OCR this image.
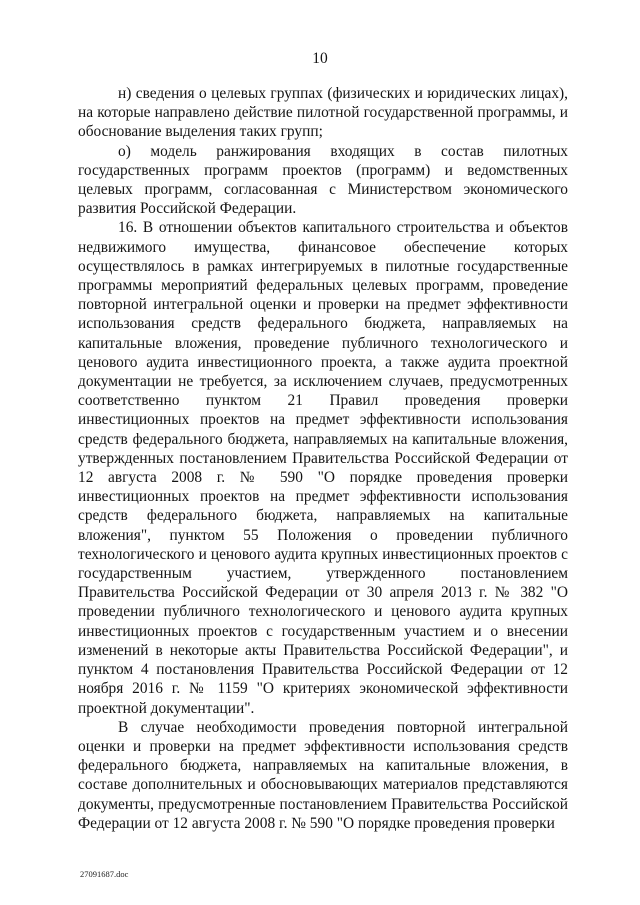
10

н) сведения о целевых группах (физических и юридических лицах), на которые направлено действие пилотной государственной программы, и обоснование выделения таких групп;

о) модель ранжирования входящих в состав пилотных государственных программ проектов (программ) и ведомственных целевых программ, согласованная с Министерством экономического развития Российской Федерации.

16. В отношении объектов капитального строительства и объектов недвижимого имущества, финансовое обеспечение которых осуществлялось в рамках интегрируемых в пилотные государственные программы мероприятий федеральных целевых программ, проведение повторной интегральной оценки и проверки на предмет эффективности использования средств федерального бюджета, направляемых на капитальные вложения, проведение публичного технологического и ценового аудита инвестиционного проекта, а также аудита проектной документации не требуется, за исключением случаев, предусмотренных соответственно пунктом 21 Правил проведения проверки инвестиционных проектов на предмет эффективности использования средств федерального бюджета, направляемых на капитальные вложения, утвержденных постановлением Правительства Российской Федерации от 12 августа 2008 г. № 590 "О порядке проведения проверки инвестиционных проектов на предмет эффективности использования средств федерального бюджета, направляемых на капитальные вложения", пунктом 55 Положения о проведении публичного технологического и ценового аудита крупных инвестиционных проектов с государственным участием, утвержденного постановлением Правительства Российской Федерации от 30 апреля 2013 г. № 382 "О проведении публичного технологического и ценового аудита крупных инвестиционных проектов с государственным участием и о внесении изменений в некоторые акты Правительства Российской Федерации", и пунктом 4 постановления Правительства Российской Федерации от 12 ноября 2016 г. № 1159 "О критериях экономической эффективности проектной документации".

В случае необходимости проведения повторной интегральной оценки и проверки на предмет эффективности использования средств федерального бюджета, направляемых на капитальные вложения, в составе дополнительных и обосновывающих материалов представляются документы, предусмотренные постановлением Правительства Российской Федерации от 12 августа 2008 г. № 590 "О порядке проведения проверки

27091687.doc
